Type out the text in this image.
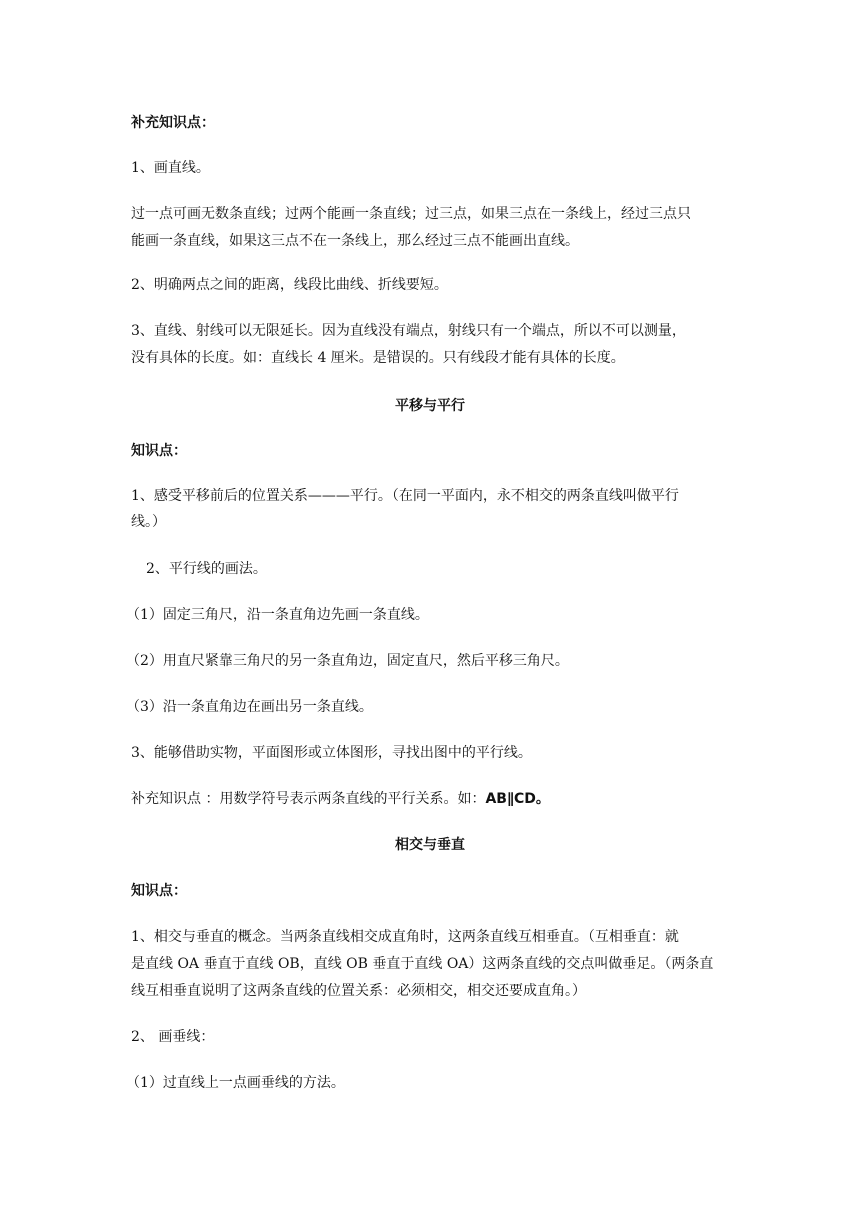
补充知识点：
1、画直线。
过一点可画无数条直线；过两个能画一条直线；过三点，如果三点在一条线上，经过三点只
能画一条直线，如果这三点不在一条线上，那么经过三点不能画出直线。
2、明确两点之间的距离，线段比曲线、折线要短。
3、直线、射线可以无限延长。因为直线没有端点，射线只有一个端点，所以不可以测量，
没有具体的长度。如：直线长 4 厘米。是错误的。只有线段才能有具体的长度。
平移与平行
知识点：
1、感受平移前后的位置关系———平行。（在同一平面内，永不相交的两条直线叫做平行
线。）
2、平行线的画法。
（1）固定三角尺，沿一条直角边先画一条直线。
（2）用直尺紧靠三角尺的另一条直角边，固定直尺，然后平移三角尺。
（3）沿一条直角边在画出另一条直线。
3、能够借助实物，平面图形或立体图形，寻找出图中的平行线。
补充知识点 ：用数学符号表示两条直线的平行关系。如：AB∥CD。
相交与垂直
知识点：
1、相交与垂直的概念。当两条直线相交成直角时，这两条直线互相垂直。（互相垂直：就
是直线 OA 垂直于直线 OB，直线 OB 垂直于直线 OA）这两条直线的交点叫做垂足。（两条直
线互相垂直说明了这两条直线的位置关系：必须相交，相交还要成直角。）
2、 画垂线：
（1）过直线上一点画垂线的方法。
